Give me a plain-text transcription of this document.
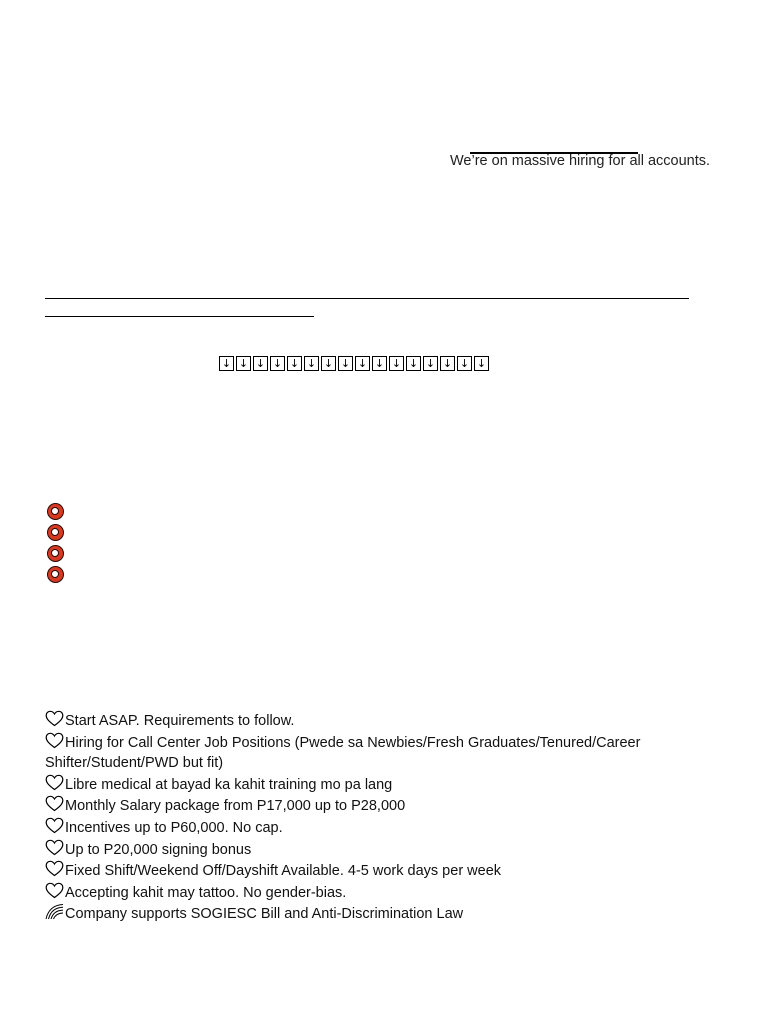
We’re on massive hiring for all accounts.
↓ ↓ ↓ ↓ ↓ ↓ ↓ ↓ ↓ ↓ ↓ ↓ ↓ ↓ ↓ ↓
Start ASAP. Requirements to follow.
Hiring for Call Center Job Positions (Pwede sa Newbies/Fresh Graduates/Tenured/Career Shifter/Student/PWD but fit)
Libre medical at bayad ka kahit training mo pa lang
Monthly Salary package from P17,000 up to P28,000
Incentives up to P60,000. No cap.
Up to P20,000 signing bonus
Fixed Shift/Weekend Off/Dayshift Available. 4-5 work days per week
Accepting kahit may tattoo. No gender-bias.
Company supports SOGIESC Bill and Anti-Discrimination Law
